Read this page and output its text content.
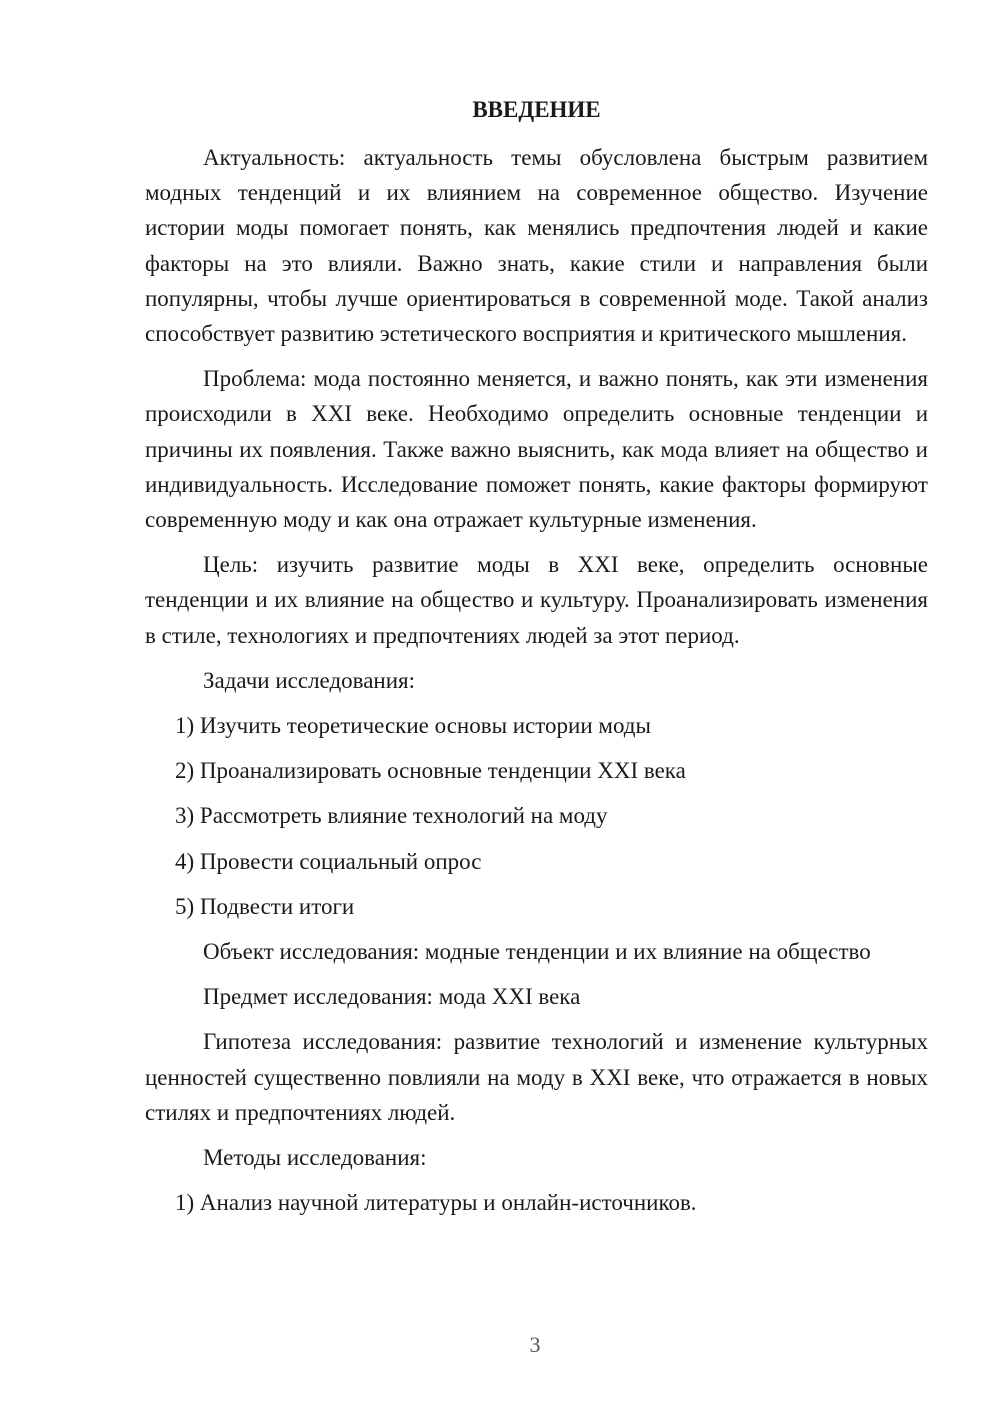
ВВЕДЕНИЕ

Актуальность: актуальность темы обусловлена быстрым развитием модных тенденций и их влиянием на современное общество. Изучение истории моды помогает понять, как менялись предпочтения людей и какие факторы на это влияли. Важно знать, какие стили и направления были популярны, чтобы лучше ориентироваться в современной моде. Такой анализ способствует развитию эстетического восприятия и критического мышления.

Проблема: мода постоянно меняется, и важно понять, как эти изменения происходили в XXI веке. Необходимо определить основные тенденции и причины их появления. Также важно выяснить, как мода влияет на общество и индивидуальность. Исследование поможет понять, какие факторы формируют современную моду и как она отражает культурные изменения.

Цель: изучить развитие моды в XXI веке, определить основные тенденции и их влияние на общество и культуру. Проанализировать изменения в стиле, технологиях и предпочтениях людей за этот период.

Задачи исследования:
1) Изучить теоретические основы истории моды
2) Проанализировать основные тенденции XXI века
3) Рассмотреть влияние технологий на моду
4) Провести социальный опрос
5) Подвести итоги
Объект исследования: модные тенденции и их влияние на общество
Предмет исследования: мода XXI века

Гипотеза исследования: развитие технологий и изменение культурных ценностей существенно повлияли на моду в XXI веке, что отражается в новых стилях и предпочтениях людей.

Методы исследования:
1) Анализ научной литературы и онлайн-источников.
3
